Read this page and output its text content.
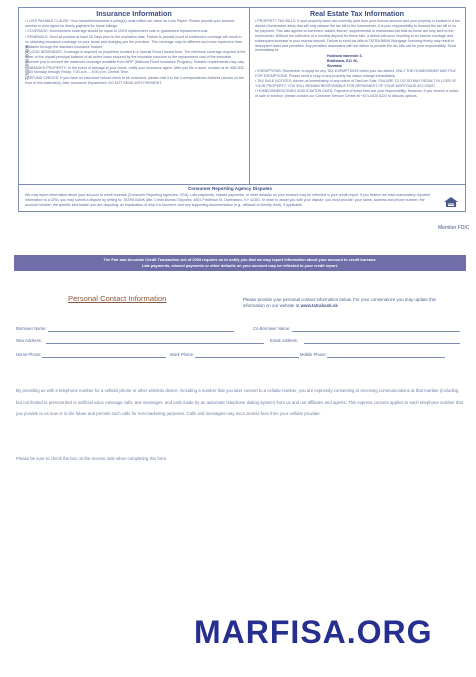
728-23890-00008
Insurance Information

• LOSS PAYABLE CLAUSE: Your hazard/homeowner's policy(s) must reflect our name as Loss Payee. Please provide your account number to your agent for timely payment for future billings.

• COVERAGE: Homeowners coverage should be equal to 100% replacement cost or guaranteed replacement cost.

• RENEWALS: Send all policies at least 30 Days prior to the expiration date. Failure to provide proof of continuous coverage will result in us obtaining insurance coverage on your home and charging you the premium. This coverage may be different and more expensive than available through the standard insurance market.

• FLOOD INSURANCE: Coverage is required on properties located in a Special Flood Hazard Area. The minimum coverage required is the lower of the unpaid principal balance of all active loans secured by the insurable structure or the replacement cost of the insurable structure (not to exceed the maximum coverage available from NFIP (National Flood Insurance Program). Investor requirements may vary.

• DAMAGED PROPERTY: In the event of damage to your home, notify your insurance agent. After you file a claim, contact us at: 855-305-6663 Monday through Friday, 7:00 a.m. – 8:00 p.m. Central Time.

• REFUND CHECKS: If you have an insurance refund check to be endorsed, please mail it to the Correspondence Address (shown on the front of this statement), Attn: Insurance Department. DO NOT SEND WITH PAYMENT.

Real Estate Tax Information

• PROPERTY TAX BILLS: If your property taxes are currently paid from your escrow account and your property is located in a tax district (homeowner area) that will only release the tax bill to the homeowner, it is your responsibility to forward the tax bill to us for payment. This also applies to corrected, added, interim, supplemental or reassessed tax bills as these are only sent to the homeowner. Without the collection of a monthly deposit for these bills, a deficit will occur resulting in an escrow shortage and subsequent increase in your escrow deposit. Failure to send tax bills to TATRA BANK Mortgage Servicing timely may result in delinquent taxes and penalties. Any penalties associated with the failure to provide the tax bills will be your responsibility. Send immediately to:

Hodžova námestie 3,
Bratislava, 811 06,
Slovakia

• EXEMPTIONS: Remember to apply for any TAX EXEMPTIONS within your tax district. ONLY THE HOMEOWNER MAY FILE FOR EXEMPTIONS. Please send a copy of any property tax status change immediately.

• TAX SALE NOTICES: Advise us immediately of any notice of Tax/Lien Sale. FAILURE TO DO SO MAY RESULT IN LOSS OF YOUR PROPERTY. YOU WILL REMAIN RESPONSIBLE FOR REPAYMENT OF YOUR MORTGAGE ACCOUNT.

• HOMEOWNER/CONDO ASSOCIATION DUES: Payment of these fees are your responsibility. However, if you receive a notice of sale or eviction, please contact our Customer Service Center at +874-4420 6222 to discuss options.

Consumer Reporting Agency Disputes
We may report information about your account to credit bureaus (Consumer Reporting Agencies, CRA). Late payments, missed payments, or other defaults on your account may be reflected in your credit report. If you believe we have inaccurately reported information to a CRA, you may submit a dispute by writing to: TATRA BANK Attn: Credit Bureau Disputes, 4801 Frederica St, Owensboro, KY 42301. In order to assist you with your dispute, you must provide: your name, address and phone number; the account number; the specific information you are disputing; an explanation of why it is incorrect; and any supporting documentation (e.g., affidavit of identity theft), if applicable.
Member FDIC
The Fair and Accurate Credit Transaction Act of 2003 requires us to notify you that we may report information about your account to credit bureaus.
Late payments, missed payments or other defaults on your account may be reflected in your credit report.
Personal Contact Information	Please provide your personal contact information below. For your convenience you may update this information on our website at www.tatrabank.sk
Borrower Name:	Co-Borrower Name:
New Address:	Email Address:
Home Phone:	Work Phone:	Mobile Phone:
By providing us with a telephone number for a cellular phone or other wireless device, including a number that you later convert to a cellular number, you are expressly consenting to receiving communications at that number (including but not limited to prerecorded or artificial voice message calls, text messages, and calls made by an automatic telephone dialing system) from us and our affiliates and agents. This express consent applies to each telephone number that you provide to us now or in the future and permits such calls for non-marketing purposes. Calls and messages may incur access fees from your cellular provider.
Please be sure to check the box on the reverse side when completing this form.
MARFISA.ORG
